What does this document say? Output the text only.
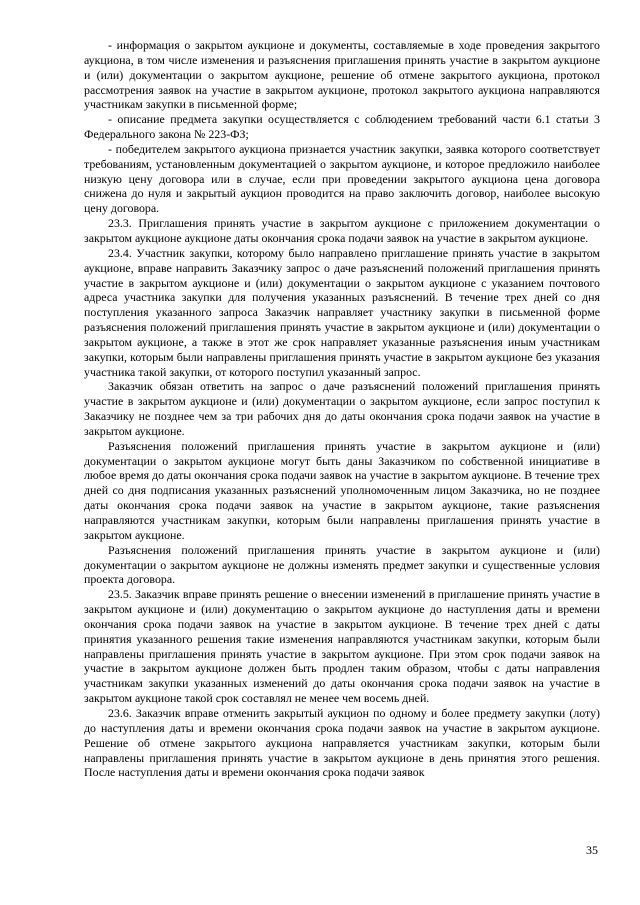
- информация о закрытом аукционе и документы, составляемые в ходе проведения закрытого аукциона, в том числе изменения и разъяснения приглашения принять участие в закрытом аукционе и (или) документации о закрытом аукционе, решение об отмене закрытого аукциона, протокол рассмотрения заявок на участие в закрытом аукционе, протокол закрытого аукциона направляются участникам закупки в письменной форме;

- описание предмета закупки осуществляется с соблюдением требований части 6.1 статьи 3 Федерального закона № 223-ФЗ;

- победителем закрытого аукциона признается участник закупки, заявка которого соответствует требованиям, установленным документацией о закрытом аукционе, и которое предложило наиболее низкую цену договора или в случае, если при проведении закрытого аукциона цена договора снижена до нуля и закрытый аукцион проводится на право заключить договор, наиболее высокую цену договора.

23.3. Приглашения принять участие в закрытом аукционе с приложением документации о закрытом аукционе аукционе даты окончания срока подачи заявок на участие в закрытом аукционе.

23.4. Участник закупки, которому было направлено приглашение принять участие в закрытом аукционе, вправе направить Заказчику запрос о даче разъяснений положений приглашения принять участие в закрытом аукционе и (или) документации о закрытом аукционе с указанием почтового адреса участника закупки для получения указанных разъяснений. В течение трех дней со дня поступления указанного запроса Заказчик направляет участнику закупки в письменной форме разъяснения положений приглашения принять участие в закрытом аукционе и (или) документации о закрытом аукционе, а также в этот же срок направляет указанные разъяснения иным участникам закупки, которым были направлены приглашения принять участие в закрытом аукционе без указания участника такой закупки, от которого поступил указанный запрос.

Заказчик обязан ответить на запрос о даче разъяснений положений приглашения принять участие в закрытом аукционе и (или) документации о закрытом аукционе, если запрос поступил к Заказчику не позднее чем за три рабочих дня до даты окончания срока подачи заявок на участие в закрытом аукционе.

Разъяснения положений приглашения принять участие в закрытом аукционе и (или) документации о закрытом аукционе могут быть даны Заказчиком по собственной инициативе в любое время до даты окончания срока подачи заявок на участие в закрытом аукционе. В течение трех дней со дня подписания указанных разъяснений уполномоченным лицом Заказчика, но не позднее даты окончания срока подачи заявок на участие в закрытом аукционе, такие разъяснения направляются участникам закупки, которым были направлены приглашения принять участие в закрытом аукционе.

Разъяснения положений приглашения принять участие в закрытом аукционе и (или) документации о закрытом аукционе не должны изменять предмет закупки и существенные условия проекта договора.

23.5. Заказчик вправе принять решение о внесении изменений в приглашение принять участие в закрытом аукционе и (или) документацию о закрытом аукционе до наступления даты и времени окончания срока подачи заявок на участие в закрытом аукционе. В течение трех дней с даты принятия указанного решения такие изменения направляются участникам закупки, которым были направлены приглашения принять участие в закрытом аукционе. При этом срок подачи заявок на участие в закрытом аукционе должен быть продлен таким образом, чтобы с даты направления участникам закупки указанных изменений до даты окончания срока подачи заявок на участие в закрытом аукционе такой срок составлял не менее чем восемь дней.

23.6. Заказчик вправе отменить закрытый аукцион по одному и более предмету закупки (лоту) до наступления даты и времени окончания срока подачи заявок на участие в закрытом аукционе. Решение об отмене закрытого аукциона направляется участникам закупки, которым были направлены приглашения принять участие в закрытом аукционе в день принятия этого решения. После наступления даты и времени окончания срока подачи заявок

35
